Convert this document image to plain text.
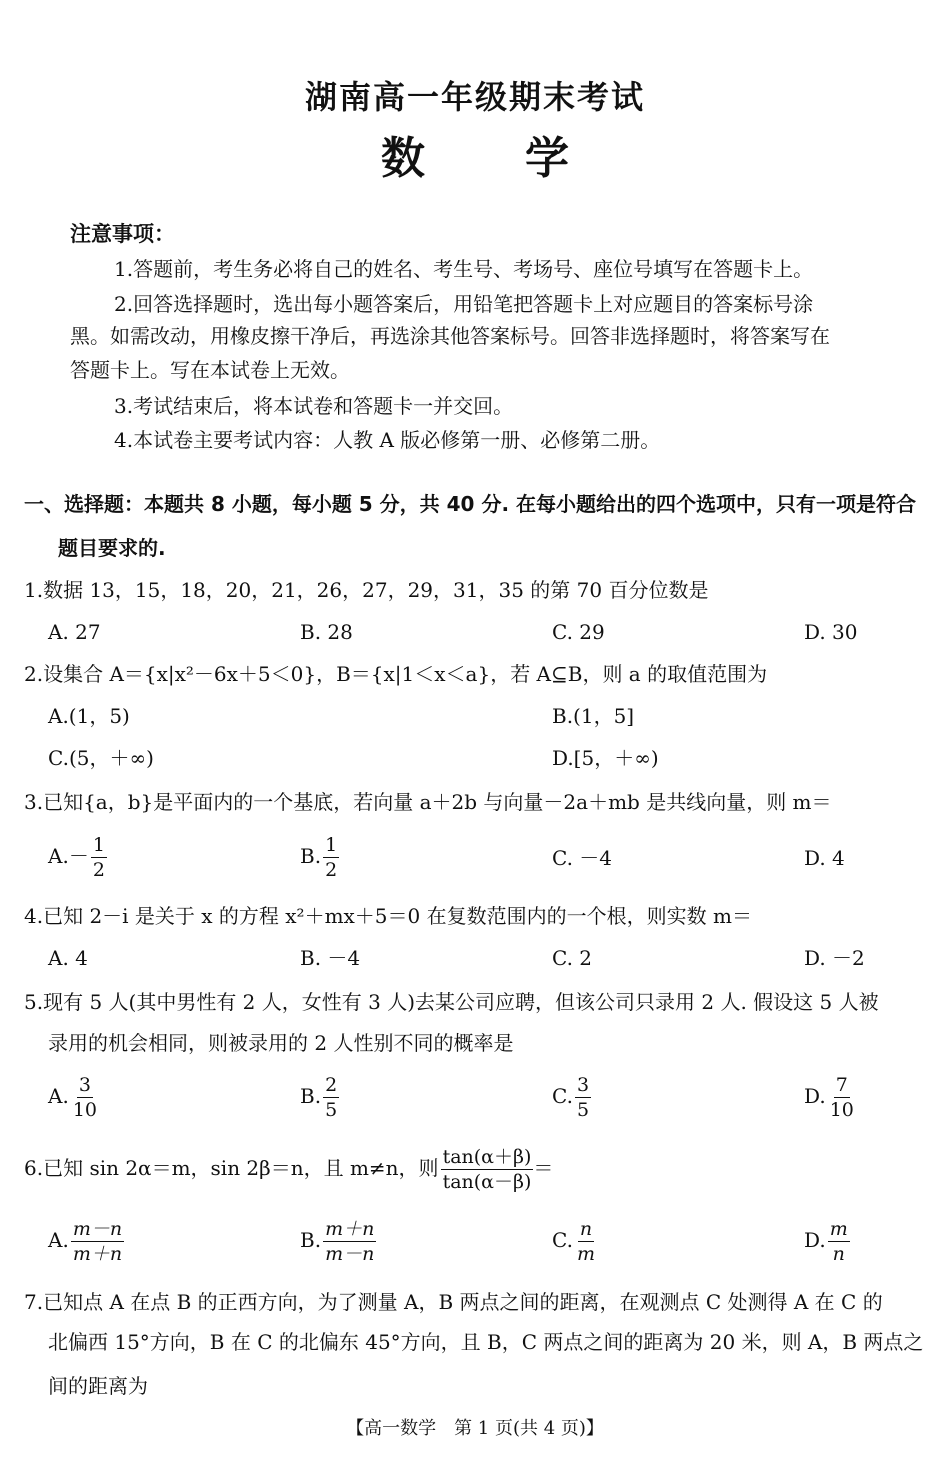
湖南高一年级期末考试
数 学
注意事项：
1.答题前，考生务必将自己的姓名、考生号、考场号、座位号填写在答题卡上。
2.回答选择题时，选出每小题答案后，用铅笔把答题卡上对应题目的答案标号涂
黑。如需改动，用橡皮擦干净后，再选涂其他答案标号。回答非选择题时，将答案写在
答题卡上。写在本试卷上无效。
3.考试结束后，将本试卷和答题卡一并交回。
4.本试卷主要考试内容：人教 A 版必修第一册、必修第二册。
一、选择题：本题共 8 小题，每小题 5 分，共 40 分. 在每小题给出的四个选项中，只有一项是符合
题目要求的.
1.数据 13，15，18，20，21，26，27，29，31，35 的第 70 百分位数是
A. 27	B. 28	C. 29	D. 30
2.设集合 A＝{x|x²－6x＋5＜0}，B＝{x|1＜x＜a}，若 A⊆B，则 a 的取值范围为
A.(1，5)	B.(1，5]
C.(5，＋∞)	D.[5，＋∞)
3.已知{a，b}是平面内的一个基底，若向量 a＋2b 与向量－2a＋mb 是共线向量，则 m＝
$A.- \frac{1}{2}$	B. $\frac{1}{2}$	C. －4	D. 4
4.已知 2－i 是关于 x 的方程 x²＋mx＋5＝0 在复数范围内的一个根，则实数 m＝
A. 4	B. －4	C. 2	D. －2
5.现有 5 人(其中男性有 2 人，女性有 3 人)去某公司应聘，但该公司只录用 2 人. 假设这 5 人被
录用的机会相同，则被录用的 2 人性别不同的概率是
A. $\frac{3}{10}$	B. $\frac{2}{5}$	C. $\frac{3}{5}$	D. $\frac{7}{10}$
6.已知 sin 2α＝m，sin 2β＝n，且 m≠n，则 $\frac{\tan(\alpha+\beta)}{\tan(\alpha-\beta)}$ ＝
A. $\frac{m-n}{m+n}$	B. $\frac{m+n}{m-n}$	C. $\frac{n}{m}$	D. $\frac{m}{n}$
7.已知点 A 在点 B 的正西方向，为了测量 A，B 两点之间的距离，在观测点 C 处测得 A 在 C 的
北偏西 15°方向，B 在 C 的北偏东 45°方向，且 B，C 两点之间的距离为 20 米，则 A，B 两点之
间的距离为
【高一数学　第 1 页(共 4 页)】
